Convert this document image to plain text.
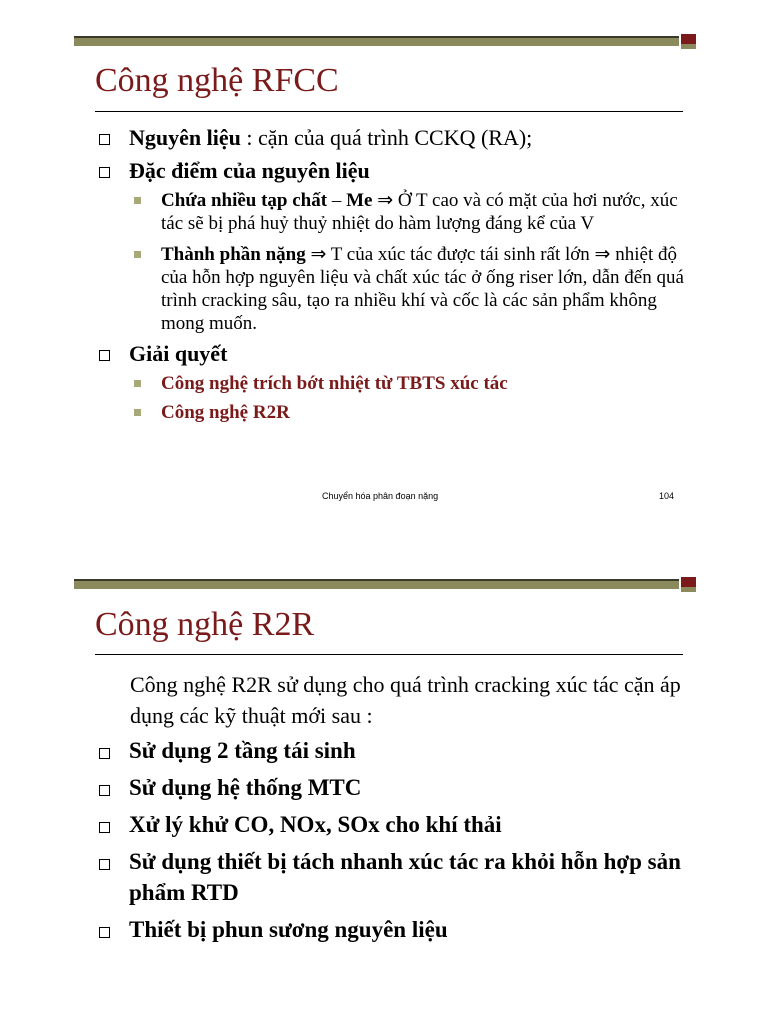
Công nghệ RFCC
Nguyên liệu : cặn của quá trình CCKQ (RA);
Đặc điểm của nguyên liệu
Chứa nhiều tạp chất – Me ⇒ Ở T cao và có mặt của hơi nước, xúc tác sẽ bị phá huỷ thuỷ nhiệt do hàm lượng đáng kể của V
Thành phần nặng ⇒ T của xúc tác được tái sinh rất lớn ⇒ nhiệt độ của hỗn hợp nguyên liệu và chất xúc tác ở ống riser lớn, dẫn đến quá trình cracking sâu, tạo ra nhiều khí và cốc là các sản phẩm không mong muốn.
Giải quyết
Công nghệ trích bớt nhiệt từ TBTS xúc tác
Công nghệ R2R
Chuyển hóa phân đoạn nặng	104
Công nghệ R2R
Công nghệ R2R sử dụng cho quá trình cracking xúc tác cặn áp dụng các kỹ thuật mới sau :
Sử dụng 2 tầng tái sinh
Sử dụng hệ thống MTC
Xử lý khử CO, NOx, SOx cho khí thải
Sử dụng thiết bị tách nhanh xúc tác ra khỏi hỗn hợp sản phẩm RTD
Thiết bị phun sương nguyên liệu
